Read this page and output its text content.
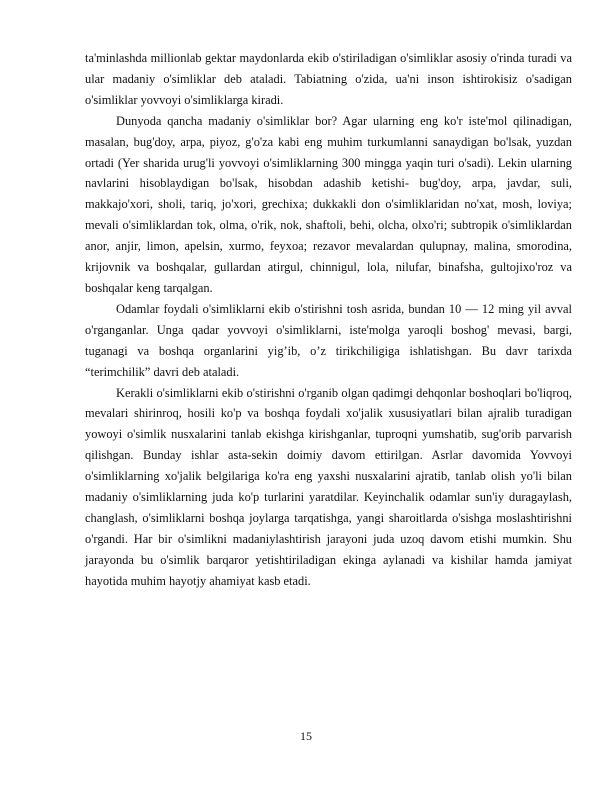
ta'minlashda millionlab gektar maydonlarda ekib o'stiriladigan o'simliklar asosiy o'rinda turadi va ular madaniy o'simliklar deb ataladi. Tabiatning o'zida, ua'ni inson ishtirokisiz o'sadigan o'simliklar yovvoyi o'simliklarga kiradi.

Dunyoda qancha madaniy o'simliklar bor? Agar ularning eng ko'r iste'mol qilinadigan, masalan, bug'doy, arpa, piyoz, g'o'za kabi eng muhim turkumlanni sanaydigan bo'lsak, yuzdan ortadi (Yer sharida urug'li yovvoyi o'simliklarning 300 mingga yaqin turi o'sadi). Lekin ularning navlarini hisoblaydigan bo'lsak, hisobdan adashib ketishi- bug'doy, arpa, javdar, suli, makkajo'xori, sholi, tariq, jo'xori, grechixa; dukkakli don o'simliklaridan no'xat, mosh, loviya; mevali o'simliklardan tok, olma, o'rik, nok, shaftoli, behi, olcha, olxo'ri; subtropik o'simliklardan anor, anjir, limon, apelsin, xurmo, feyxoa; rezavor mevalardan qulupnay, malina, smorodina, krijovnik va boshqalar, gullardan atirgul, chinnigul, lola, nilufar, binafsha, gultojixo'roz va boshqalar keng tarqalgan.

Odamlar foydali o'simliklarni ekib o'stirishni tosh asrida, bundan 10 — 12 ming yil avval o'rganganlar. Unga qadar yovvoyi o'simliklarni, iste'molga yaroqli boshog' mevasi, bargi, tuganagi va boshqa organlarini yig’ib, o’z tirikchiligiga ishlatishgan. Bu davr tarixda “terimchilik” davri deb ataladi.

Kerakli o'simliklarni ekib o'stirishni o'rganib olgan qadimgi dehqonlar boshoqlari bo'liqroq, mevalari shirinroq, hosili ko'p va boshqa foydali xo'jalik xususiyatlari bilan ajralib turadigan yowoyi o'simlik nusxalarini tanlab ekishga kirishganlar, tuproqni yumshatib, sug'orib parvarish qilishgan. Bunday ishlar asta-sekin doimiy davom ettirilgan. Asrlar davomida Yovvoyi o'simliklarning xo'jalik belgilariga ko'ra eng yaxshi nusxalarini ajratib, tanlab olish yo'li bilan madaniy o'simliklarning juda ko'p turlarini yaratdilar. Keyinchalik odamlar sun'iy duragaylash, changlash, o'simliklarni boshqa joylarga tarqatishga, yangi sharoitlarda o'sishga moslashtirishni o'rgandi. Har bir o'simlikni madaniylashtirish jarayoni juda uzoq davom etishi mumkin. Shu jarayonda bu o'simlik barqaror yetishtiriladigan ekinga aylanadi va kishilar hamda jamiyat hayotida muhim hayotjy ahamiyat kasb etadi.

15
